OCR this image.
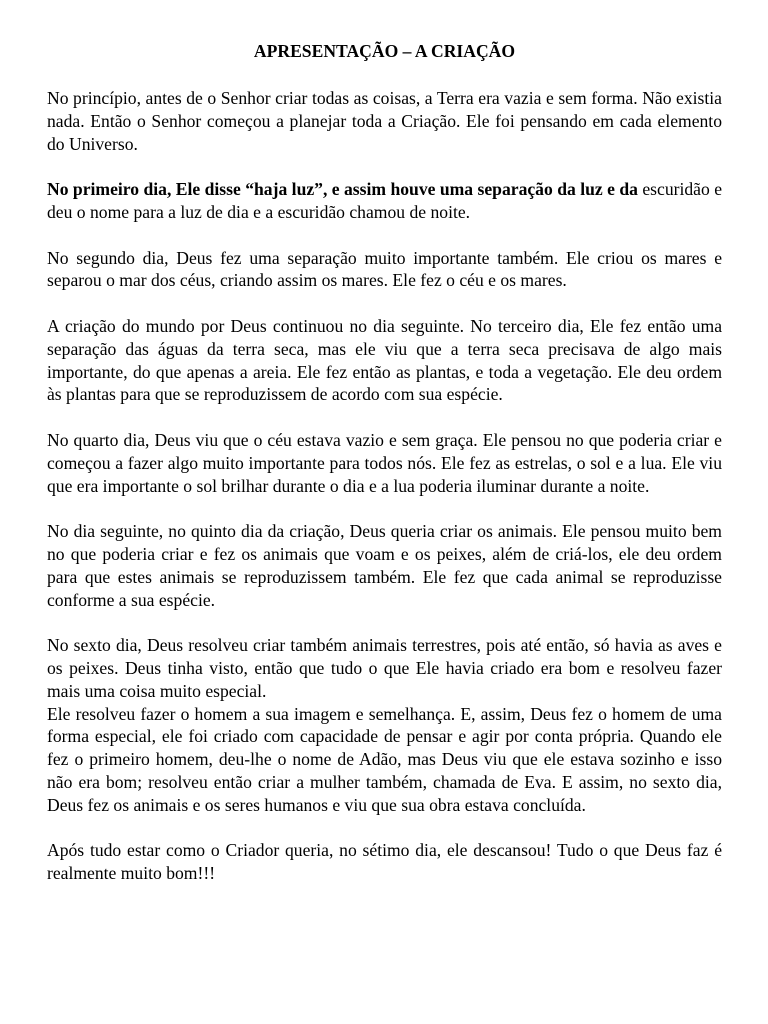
APRESENTAÇÃO – A CRIAÇÃO
No princípio, antes de o Senhor criar todas as coisas, a Terra era vazia e sem forma. Não existia nada. Então o Senhor começou a planejar toda a Criação. Ele foi pensando em cada elemento do Universo.
No primeiro dia, Ele disse “haja luz”, e assim houve uma separação da luz e da escuridão e deu o nome para a luz de dia e a escuridão chamou de noite.
No segundo dia, Deus fez uma separação muito importante também. Ele criou os mares e separou o mar dos céus, criando assim os mares. Ele fez o céu e os mares.
A criação do mundo por Deus continuou no dia seguinte. No terceiro dia, Ele fez então uma separação das águas da terra seca, mas ele viu que a terra seca precisava de algo mais importante, do que apenas a areia. Ele fez então as plantas, e toda a vegetação. Ele deu ordem às plantas para que se reproduzissem de acordo com sua espécie.
No quarto dia, Deus viu que o céu estava vazio e sem graça. Ele pensou no que poderia criar e começou a fazer algo muito importante para todos nós. Ele fez as estrelas, o sol e a lua. Ele viu que era importante o sol brilhar durante o dia e a lua poderia iluminar durante a noite.
No dia seguinte, no quinto dia da criação, Deus queria criar os animais. Ele pensou muito bem no que poderia criar e fez os animais que voam e os peixes, além de criá-los, ele deu ordem para que estes animais se reproduzissem também. Ele fez que cada animal se reproduzisse conforme a sua espécie.
No sexto dia, Deus resolveu criar também animais terrestres, pois até então, só havia as aves e os peixes. Deus tinha visto, então que tudo o que Ele havia criado era bom e resolveu fazer mais uma coisa muito especial.
Ele resolveu fazer o homem a sua imagem e semelhança. E, assim, Deus fez o homem de uma forma especial, ele foi criado com capacidade de pensar e agir por conta própria. Quando ele fez o primeiro homem, deu-lhe o nome de Adão, mas Deus viu que ele estava sozinho e isso não era bom; resolveu então criar a mulher também, chamada de Eva. E assim, no sexto dia, Deus fez os animais e os seres humanos e viu que sua obra estava concluída.
Após tudo estar como o Criador queria, no sétimo dia, ele descansou! Tudo o que Deus faz é realmente muito bom!!!
